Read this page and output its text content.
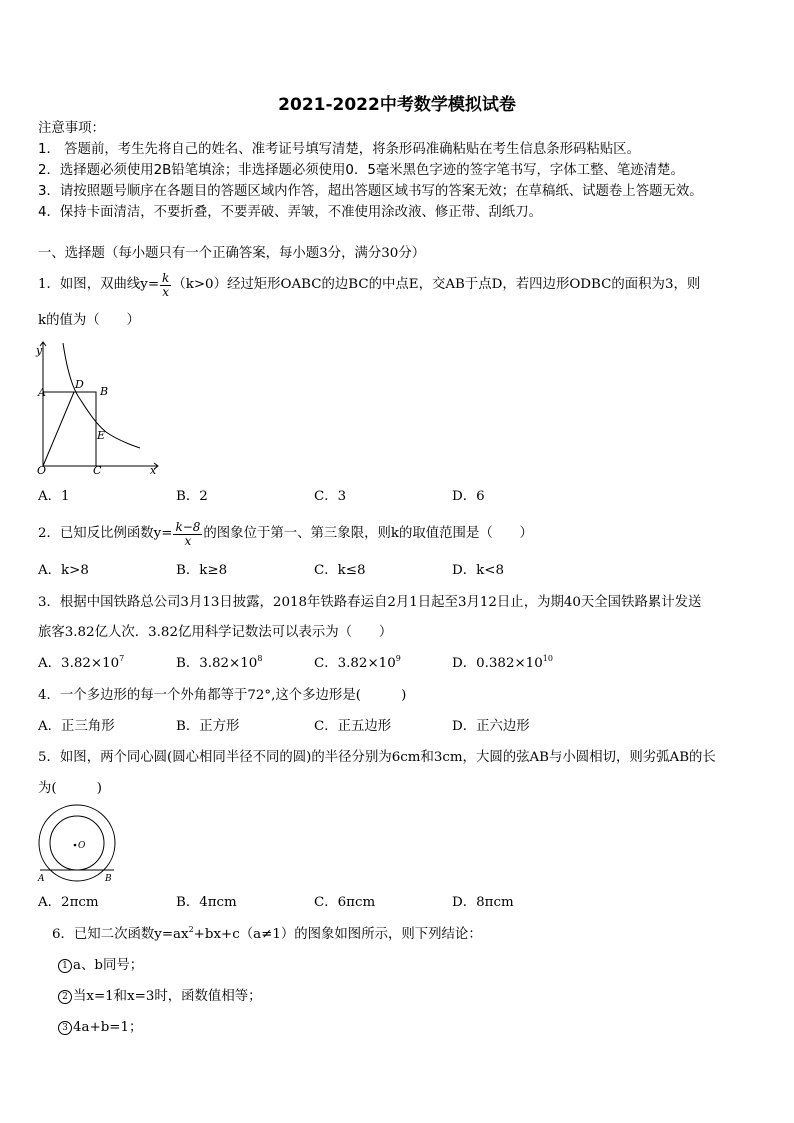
2021-2022中考数学模拟试卷
注意事项：
1． 答题前，考生先将自己的姓名、准考证号填写清楚，将条形码准确粘贴在考生信息条形码粘贴区。
2．选择题必须使用2B铅笔填涂；非选择题必须使用0．5毫米黑色字迹的签字笔书写，字体工整、笔迹清楚。
3．请按照题号顺序在各题目的答题区域内作答，超出答题区域书写的答案无效；在草稿纸、试题卷上答题无效。
4．保持卡面清洁，不要折叠，不要弄破、弄皱，不准使用涂改液、修正带、刮纸刀。
一、选择题（每小题只有一个正确答案，每小题3分，满分30分）
1．如图，双曲线$y= \frac{k}{x} (k>0)$经过矩形OABC的边BC的中点E，交AB于点D，若四边形ODBC的面积为3，则
k的值为（　　）
y
A
D
B
E
O	C	x
A．1	B．2	C．3	D．6
2．已知反比例函数$y= \frac{k-8}{x}$ 的图象位于第一、第三象限，则k的取值范围是（　　）
A．k>8	B．k≥8	C．k≤8	D．k<8
3．根据中国铁路总公司3月13日披露，2018年铁路春运自2月1日起至3月12日止，为期40天全国铁路累计发送
旅客3.82亿人次．3.82亿用科学记数法可以表示为（　　）
A．$3.82\times 10^7$	B．$3.82\times 10^8$	C．$3.82\times 10^9$	D．$0.382\times 10^{10}$
4．一个多边形的每一个外角都等于72°,这个多边形是(　　　)
A．正三角形	B．正方形	C．正五边形	D．正六边形
5．如图，两个同心圆(圆心相同半径不同的圆)的半径分别为6cm和3cm，大圆的弦AB与小圆相切，则劣弧AB的长
为(　　　)
O
A	B
A．2πcm	B．4πcm	C．6πcm	D．8πcm
6．已知二次函数$y=ax^2+bx+c(a\ne 1)$的图象如图所示，则下列结论：
1 a、b同号；
2 当x=1和x=3时，函数值相等；
3 4a+b=1；
